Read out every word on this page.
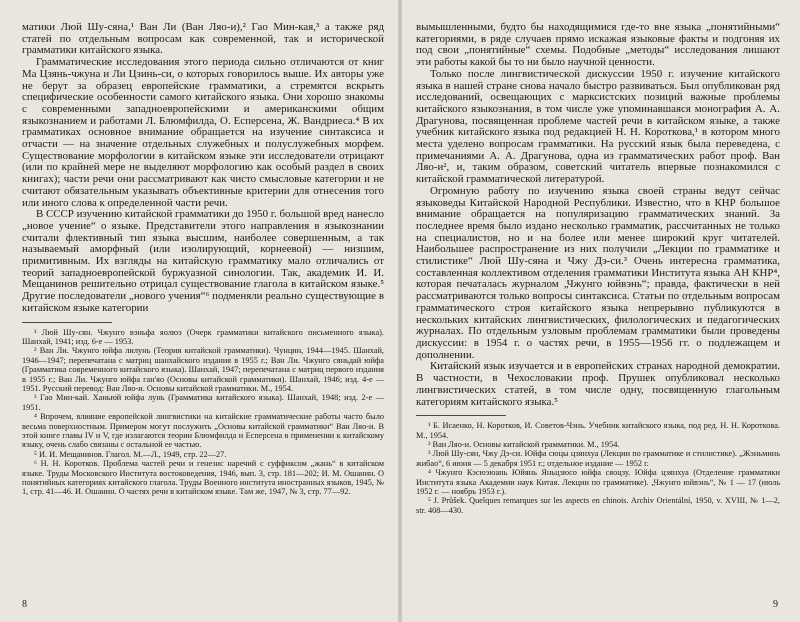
матики Люй Шу-сяна,¹ Ван Ли (Ван Ляо-и),² Гао Мин-кая,³ а также ряд статей по отдельным вопросам как современной, так и исторической грамматики китайского языка.

Грамматические исследования этого периода сильно отличаются от книг Ма Цзянь-чжуна и Ли Цзинь-си, о которых говорилось выше. Их авторы уже не берут за образец европейские грамматики, а стремятся вскрыть специфические особенности самого китайского языка. Они хорошо знакомы с современными западноевропейскими и американскими общим языкознанием и работами Л. Блюмфилда, О. Есперсена, Ж. Вандриеса.⁴ В их грамматиках основное внимание обращается на изучение синтаксиса и отчасти — на значение отдельных служебных и полуслужебных морфем. Существование морфологии в китайском языке эти исследователи отрицают (или по крайней мере не выделяют морфологию как особый раздел в своих книгах); части речи они рассматривают как чисто смысловые категории и не считают обязательным указывать объективные критерии для отнесения того или иного слова к определенной части речи.

В СССР изучению китайской грамматики до 1950 г. большой вред нанесло „новое учение“ о языке. Представители этого направления в языкознании считали флективный тип языка высшим, наиболее совершенным, а так называемый аморфный (или изолирующий, корнеевой) — низшим, примитивным. Их взгляды на китайскую грамматику мало отличались от теорий западноевропейской буржуазной синологии. Так, академик И. И. Мещанинов решительно отрицал существование глагола в китайском языке.⁵ Другие последователи „нового учения“⁶ подменяли реально существующие в китайском языке категории

¹ Люй Шу-сян. Чжунго вэньфа яолюэ (Очерк грамматики китайского письменного языка). Шанхай, 1941; изд. 6-е — 1953.

² Ван Ли. Чжунго юйфа лилунь (Теория китайской грамматики). Чунцин, 1944—1945. Шанхай, 1946—1947; перепечатана с матриц шанхайского издания в 1955 г.; Ван Ли. Чжунго сяньдай юйфа (Грамматика современного китайского языка). Шанхай, 1947; перепечатана с матриц первого издания в 1955 г.; Ван Ли. Чжунго юйфа ган'яо (Основы китайской грамматики). Шанхай, 1946; изд. 4-е — 1951. Русский перевод: Ван Ляо-и. Основы китайской грамматики. М., 1954.

³ Гао Мин-кай. Ханьюй юйфа лунь (Грамматика китайского языка). Шанхай, 1948; изд. 2-е — 1951.

⁴ Впрочем, влияние европейской лингвистики на китайские грамматические работы часто было весьма поверхностным. Примером могут послужить „Основы китайской грамматики“ Ван Ляо-и. В этой книге главы IV и V, где излагаются теории Блюмфилда и Есперсена в применении к китайскому языку, очень слабо связаны с остальной ее частью.

⁵ И. И. Мещанинов. Глагол. М.—Л., 1949, стр. 22—27.

⁶ Н. Н. Коротков. Проблема частей речи и генезис наречий с суффиксом „жань“ в китайском языке. Труды Московского Института востоковедения, 1946, вып. 3, стр. 181—202; И. М. Ошанин. О понятийных категориях китайского глагола. Труды Военного института иностранных языков, 1945, № 1, стр. 41—46. И. Ошанин. О частях речи в китайском языке. Там же, 1947, № 3, стр. 77—92.

8

вымышленными, будто бы находящимися где-то вне языка „понятийными“ категориями, в ряде случаев прямо искажая языковые факты и подгоняя их под свои „понятийные“ схемы. Подобные „методы“ исследования лишают эти работы какой бы то ни было научной ценности.

Только после лингвистической дискуссии 1950 г. изучение китайского языка в нашей стране снова начало быстро развиваться. Был опубликован ряд исследований, освещающих с марксистских позиций важные проблемы китайского языкознания, в том числе уже упоминавшаяся монография А. А. Драгунова, посвященная проблеме частей речи в китайском языке, а также учебник китайского языка под редакцией Н. Н. Короткова,¹ в котором много места уделено вопросам грамматики. На русский язык была переведена, с примечаниями А. А. Драгунова, одна из грамматических работ проф. Ван Ляо-и², и, таким образом, советский читатель впервые познакомился с китайской грамматической литературой.

Огромную работу по изучению языка своей страны ведут сейчас языковеды Китайской Народной Республики. Известно, что в КНР большое внимание обращается на популяризацию грамматических знаний. За последнее время было издано несколько грамматик, рассчитанных не только на специалистов, но и на более или менее широкий круг читателей. Наибольшее распространение из них получили „Лекции по грамматике и стилистике“ Люй Шу-сяна и Чжу Дэ-си.³ Очень интересна грамматика, составленная коллективом отделения грамматики Института языка АН КНР⁴, которая печаталась журналом „Чжунго юйвэнь“; правда, фактически в ней рассматриваются только вопросы синтаксиса. Статьи по отдельным вопросам грамматического строя китайского языка непрерывно публикуются в нескольких китайских лингвистических, филологических и педагогических журналах. По отдельным узловым проблемам грамматики были проведены дискуссии: в 1954 г. о частях речи, в 1955—1956 гг. о подлежащем и дополнении.

Китайский язык изучается и в европейских странах народной демократии. В частности, в Чехословакии проф. Прушек опубликовал несколько лингвистических статей, в том числе одну, посвященную глагольным категориям китайского языка.⁵

¹ Б. Исаенко, Н. Коротков, И. Советов-Чэнь. Учебник китайского языка, под ред. Н. Н. Короткова. М., 1954.

² Ван Ляо-и. Основы китайской грамматики. М., 1954.

³ Люй Шу-сян, Чжу Дэ-си. Юйфа сюцы цзянхуа (Лекции по грамматике и стилистике). „Жэньминь жибао“, 6 июня — 5 декабря 1951 г.; отдельное издание — 1952 г.

⁴ Чжунго Кэсюэюань Юйянь Яньцзюсо юйфа сяоцзу. Юйфа цзянхуа (Отделение грамматики Института языка Академии наук Китая. Лекции по грамматике). „Чжунго юйвэнь“, № 1 — 17 (июль 1952 г. — ноябрь 1953 г.).

⁵ J. Průšek. Quelques remarques sur les aspects en chinois. Archiv Orientální, 1950, v. XVIII, № 1—2, str. 408—430.

9
